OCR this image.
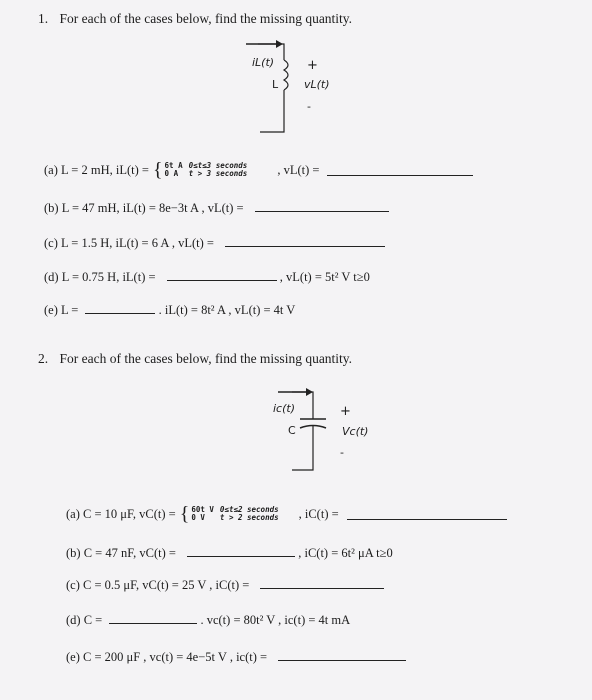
1. For each of the cases below, find the missing quantity.
iL(t)
L
+
vL(t)
-
(a) L = 2 mH, iL(t) = { 6t A 0≤t≤3 seconds
0 A	t > 3 seconds , vL(t) =
(b) L = 47 mH, iL(t) = 8e−3t A , vL(t) =
(c) L = 1.5 H, iL(t) = 6 A , vL(t) =
(d) L = 0.75 H, iL(t) =	, vL(t) = 5t² V t≥0
(e) L =	. iL(t) = 8t² A , vL(t) = 4t V
2. For each of the cases below, find the missing quantity.
ic(t)
C
+
Vc(t)
-
(a) C = 10 μF, vC(t) = { 60t V 0≤t≤2 seconds
0 V	t > 2 seconds , iC(t) =
(b) C = 47 nF, vC(t) =	, iC(t) = 6t² μA t≥0
(c) C = 0.5 μF, vC(t) = 25 V , iC(t) =
(d) C =	. vc(t) = 80t² V , ic(t) = 4t mA
(e) C = 200 μF , vc(t) = 4e−5t V , ic(t) =
